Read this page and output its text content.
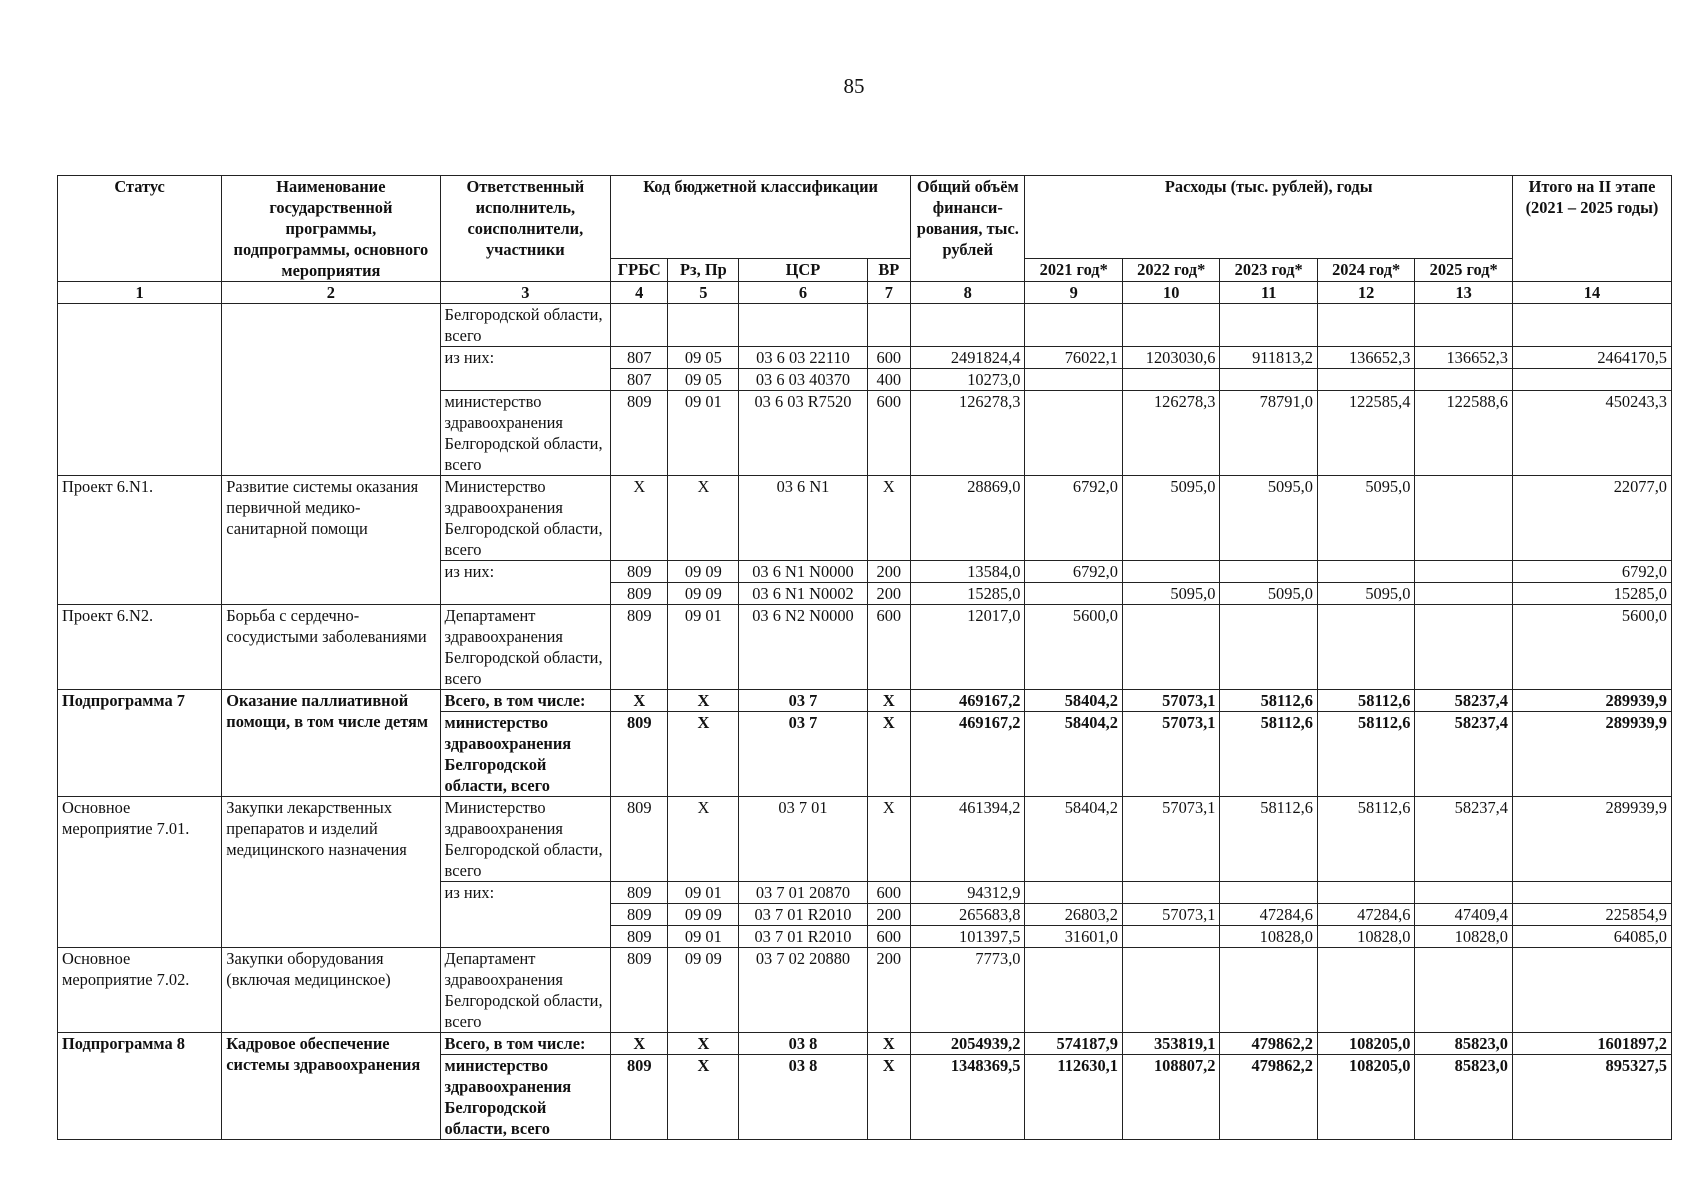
85
Статус	Наименование государственной программы, подпрограммы, основного мероприятия	Ответственный исполнитель, соисполнители, участники	Код бюджетной классификации				Общий объём финанси-рования, тыс. рублей	Расходы (тыс. рублей), годы					Итого на II этапе (2021 – 2025 годы)
			ГРБС	Рз, Пр	ЦСР	ВР		2021 год*	2022 год*	2023 год*	2024 год*	2025 год*	
1	2	3	4	5	6	7	8	9	10	11	12	13	14
		Белгородской области, всего											
		из них:	807	09 05	03 6 03 22110	600	2491824,4	76022,1	1203030,6	911813,2	136652,3	136652,3	2464170,5
			807	09 05	03 6 03 40370	400	10273,0						
		министерство здравоохранения Белгородской области, всего	809	09 01	03 6 03 R7520	600	126278,3		126278,3	78791,0	122585,4	122588,6	450243,3
Проект 6.N1.	Развитие системы оказания первичной медико-санитарной помощи	Министерство здравоохранения Белгородской области, всего	Х	Х	03 6 N1	Х	28869,0	6792,0	5095,0	5095,0	5095,0		22077,0
		из них:	809	09 09	03 6 N1 N0000	200	13584,0	6792,0					6792,0
			809	09 09	03 6 N1 N0002	200	15285,0		5095,0	5095,0	5095,0		15285,0
Проект 6.N2.	Борьба с сердечно-сосудистыми заболеваниями	Департамент здравоохранения Белгородской области, всего	809	09 01	03 6 N2 N0000	600	12017,0	5600,0					5600,0
Подпрограмма 7	Оказание паллиативной помощи, в том числе детям	Всего, в том числе:	Х	Х	03 7	Х	469167,2	58404,2	57073,1	58112,6	58112,6	58237,4	289939,9
		министерство здравоохранения Белгородской области, всего	809	Х	03 7	Х	469167,2	58404,2	57073,1	58112,6	58112,6	58237,4	289939,9
Основное мероприятие 7.01.	Закупки лекарственных препаратов и изделий медицинского назначения	Министерство здравоохранения Белгородской области, всего	809	Х	03 7 01	Х	461394,2	58404,2	57073,1	58112,6	58112,6	58237,4	289939,9
		из них:	809	09 01	03 7 01 20870	600	94312,9						
			809	09 09	03 7 01 R2010	200	265683,8	26803,2	57073,1	47284,6	47284,6	47409,4	225854,9
			809	09 01	03 7 01 R2010	600	101397,5	31601,0		10828,0	10828,0	10828,0	64085,0
Основное мероприятие 7.02.	Закупки оборудования (включая медицинское)	Департамент здравоохранения Белгородской области, всего	809	09 09	03 7 02 20880	200	7773,0						
Подпрограмма 8	Кадровое обеспечение системы здравоохранения	Всего, в том числе:	Х	Х	03 8	Х	2054939,2	574187,9	353819,1	479862,2	108205,0	85823,0	1601897,2
		министерство здравоохранения Белгородской области, всего	809	Х	03 8	Х	1348369,5	112630,1	108807,2	479862,2	108205,0	85823,0	895327,5
